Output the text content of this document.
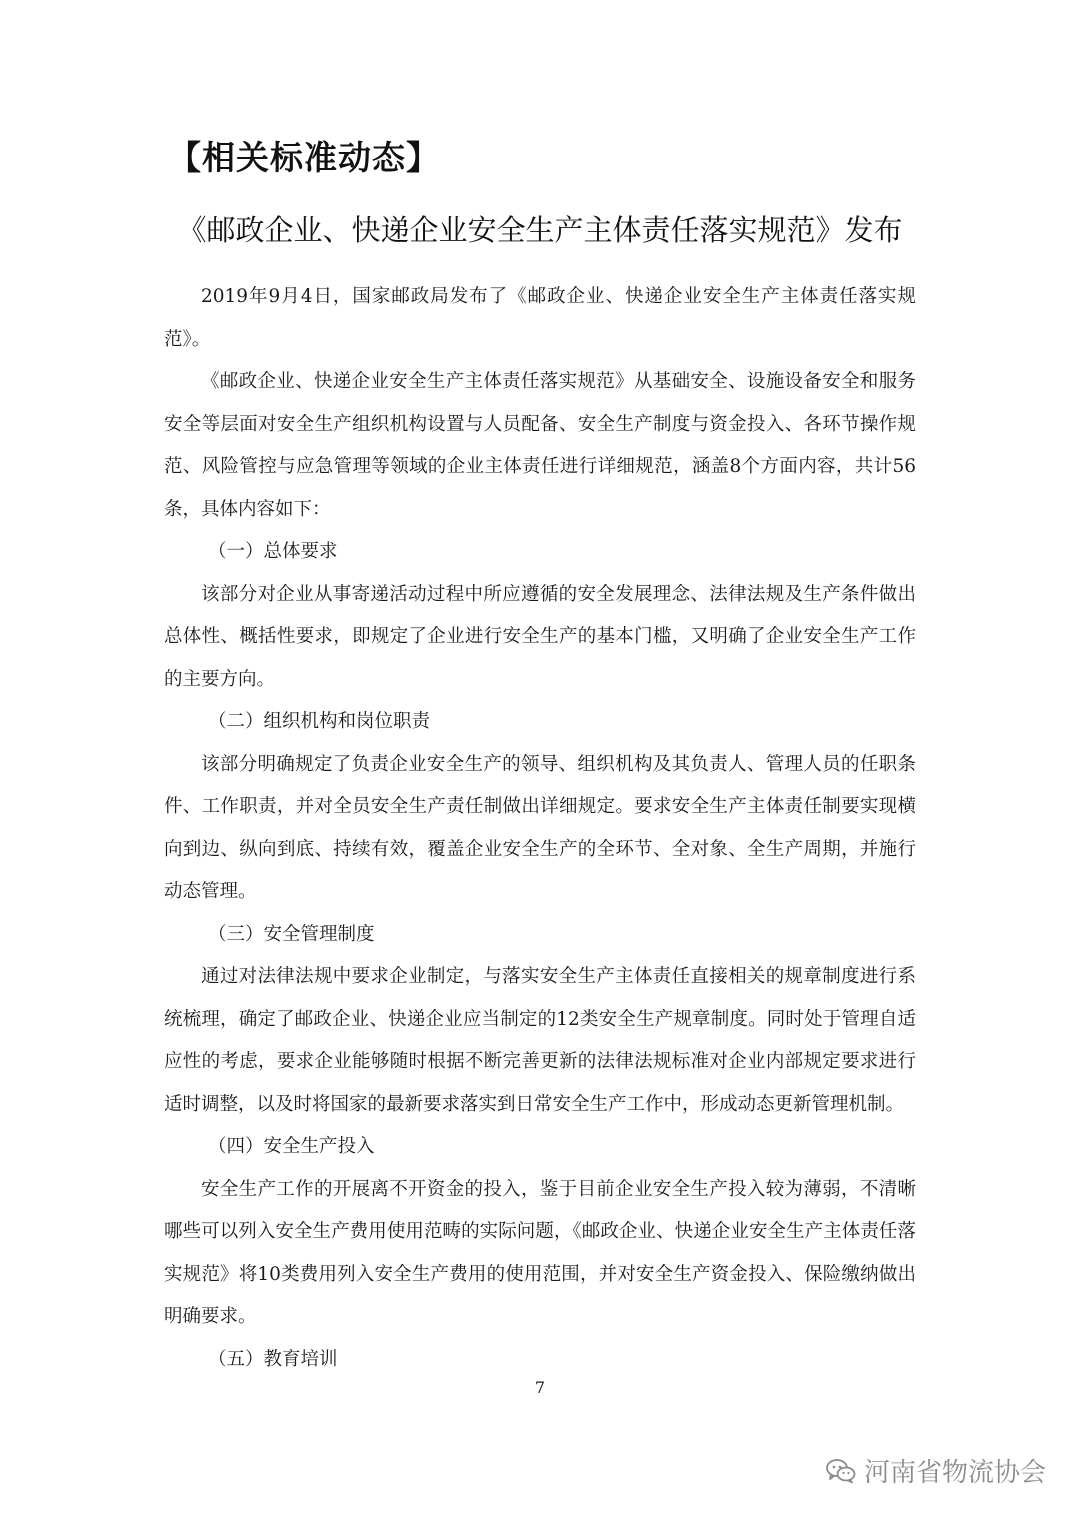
【相关标准动态】
《邮政企业、快递企业安全生产主体责任落实规范》发布

2019年9月4日，国家邮政局发布了《邮政企业、快递企业安全生产主体责任落实规范》。

《邮政企业、快递企业安全生产主体责任落实规范》从基础安全、设施设备安全和服务安全等层面对安全生产组织机构设置与人员配备、安全生产制度与资金投入、各环节操作规范、风险管控与应急管理等领域的企业主体责任进行详细规范，涵盖8个方面内容，共计56条，具体内容如下：

（一）总体要求

该部分对企业从事寄递活动过程中所应遵循的安全发展理念、法律法规及生产条件做出总体性、概括性要求，即规定了企业进行安全生产的基本门槛，又明确了企业安全生产工作的主要方向。

（二）组织机构和岗位职责

该部分明确规定了负责企业安全生产的领导、组织机构及其负责人、管理人员的任职条件、工作职责，并对全员安全生产责任制做出详细规定。要求安全生产主体责任制要实现横向到边、纵向到底、持续有效，覆盖企业安全生产的全环节、全对象、全生产周期，并施行动态管理。

（三）安全管理制度

通过对法律法规中要求企业制定，与落实安全生产主体责任直接相关的规章制度进行系统梳理，确定了邮政企业、快递企业应当制定的12类安全生产规章制度。同时处于管理自适应性的考虑，要求企业能够随时根据不断完善更新的法律法规标准对企业内部规定要求进行适时调整，以及时将国家的最新要求落实到日常安全生产工作中，形成动态更新管理机制。

（四）安全生产投入

安全生产工作的开展离不开资金的投入，鉴于目前企业安全生产投入较为薄弱，不清晰哪些可以列入安全生产费用使用范畴的实际问题，《邮政企业、快递企业安全生产主体责任落实规范》将10类费用列入安全生产费用的使用范围，并对安全生产资金投入、保险缴纳做出明确要求。

（五）教育培训

7
河南省物流协会
